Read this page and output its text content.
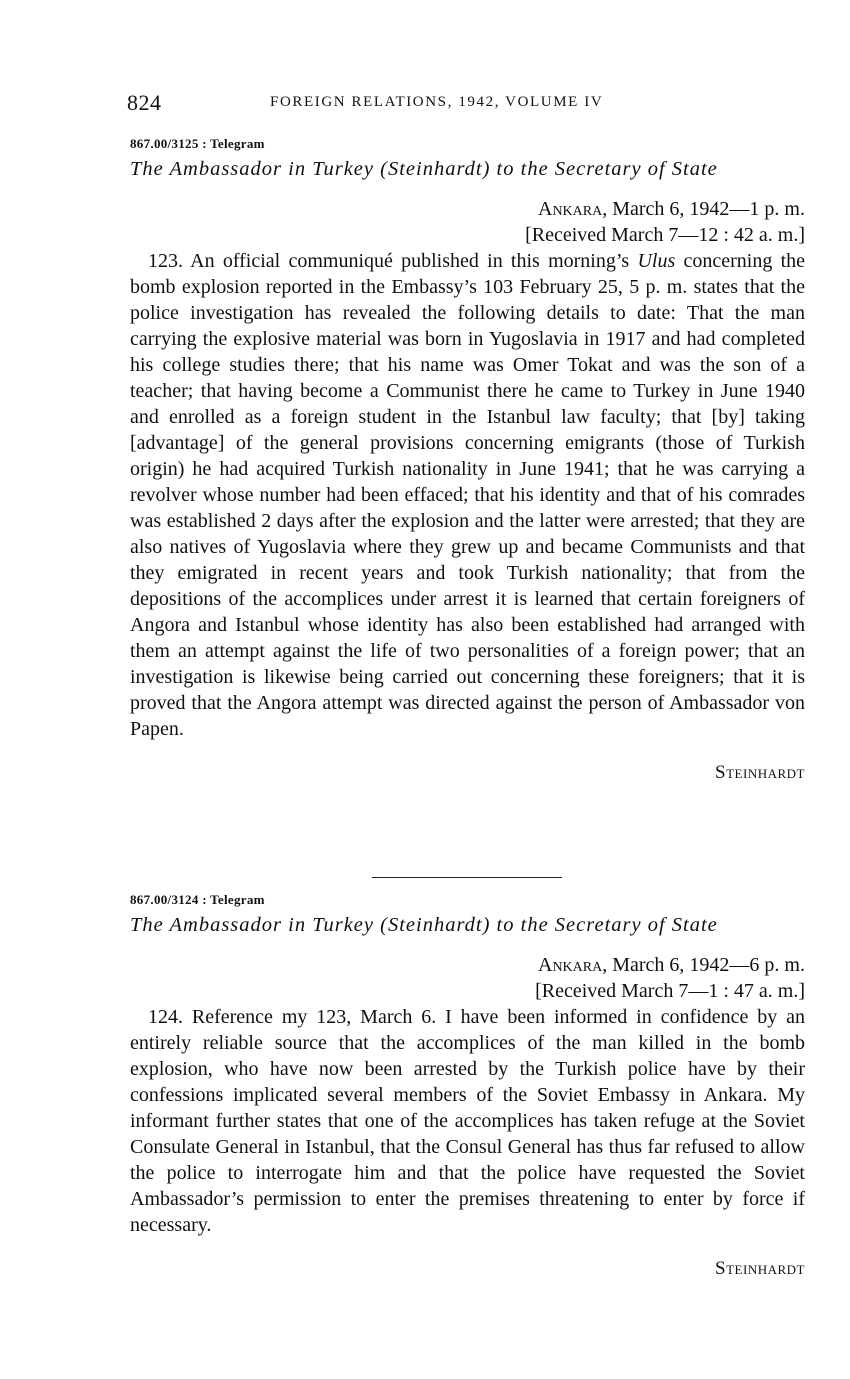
824	FOREIGN RELATIONS, 1942, VOLUME IV
867.00/3125 : Telegram
The Ambassador in Turkey (Steinhardt) to the Secretary of State
Ankara, March 6, 1942—1 p. m.
[Received March 7—12 : 42 a. m.]

123. An official communiqué published in this morning’s Ulus concerning the bomb explosion reported in the Embassy’s 103 February 25, 5 p. m. states that the police investigation has revealed the following details to date: That the man carrying the explosive material was born in Yugoslavia in 1917 and had completed his college studies there; that his name was Omer Tokat and was the son of a teacher; that having become a Communist there he came to Turkey in June 1940 and enrolled as a foreign student in the Istanbul law faculty; that [by] taking [advantage] of the general provisions concerning emigrants (those of Turkish origin) he had acquired Turkish nationality in June 1941; that he was carrying a revolver whose number had been effaced; that his identity and that of his comrades was established 2 days after the explosion and the latter were arrested; that they are also natives of Yugoslavia where they grew up and became Communists and that they emigrated in recent years and took Turkish nationality; that from the depositions of the accomplices under arrest it is learned that certain foreigners of Angora and Istanbul whose identity has also been established had arranged with them an attempt against the life of two personalities of a foreign power; that an investigation is likewise being carried out concerning these foreigners; that it is proved that the Angora attempt was directed against the person of Ambassador von Papen.

Steinhardt
867.00/3124 : Telegram
The Ambassador in Turkey (Steinhardt) to the Secretary of State
Ankara, March 6, 1942—6 p. m.
[Received March 7—1 : 47 a. m.]

124. Reference my 123, March 6. I have been informed in confidence by an entirely reliable source that the accomplices of the man killed in the bomb explosion, who have now been arrested by the Turkish police have by their confessions implicated several members of the Soviet Embassy in Ankara. My informant further states that one of the accomplices has taken refuge at the Soviet Consulate General in Istanbul, that the Consul General has thus far refused to allow the police to interrogate him and that the police have requested the Soviet Ambassador’s permission to enter the premises threatening to enter by force if necessary.

Steinhardt
